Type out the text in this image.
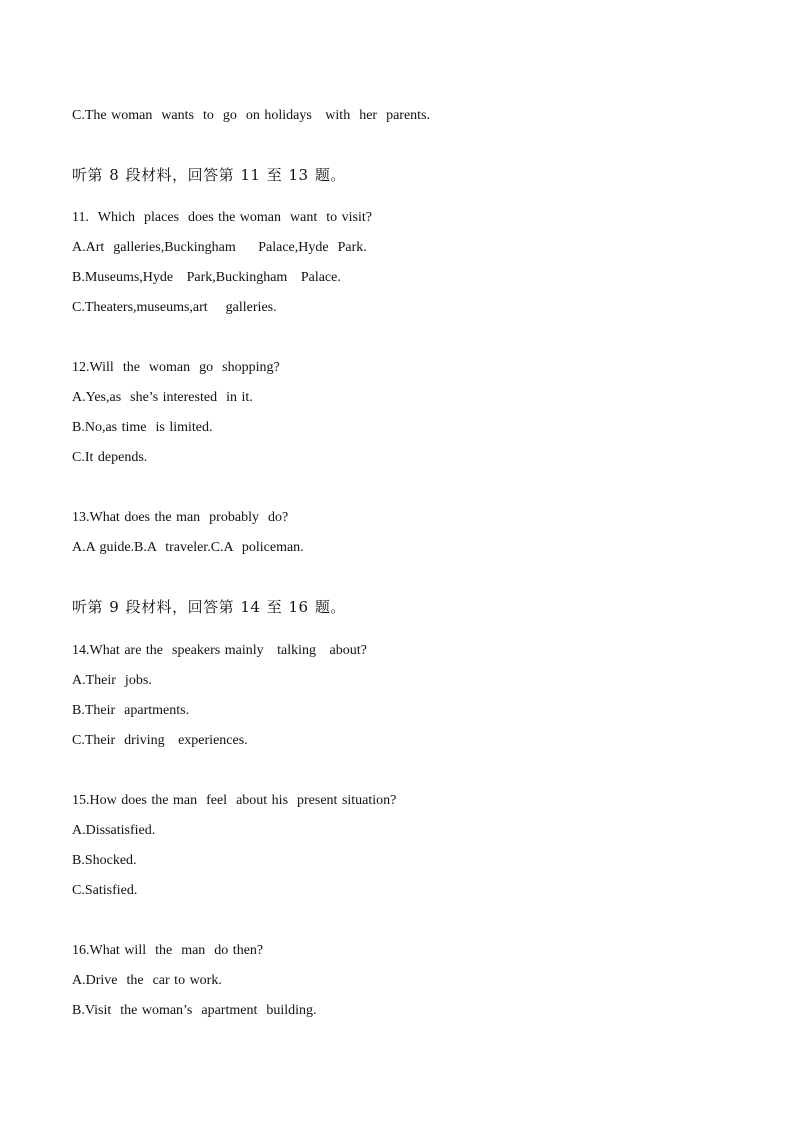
C.The woman  wants  to  go  on holidays   with  her  parents.
听第 8 段材料，回答第 11 至 13 题。
11.  Which  places  does the woman  want  to visit?
A.Art  galleries,Buckingham     Palace,Hyde  Park.
B.Museums,Hyde   Park,Buckingham   Palace.
C.Theaters,museums,art    galleries.
12.Will  the  woman  go  shopping?
A.Yes,as  she’s interested  in it.
B.No,as time  is limited.
C.It depends.
13.What does the man  probably  do?
A.A guide.B.A  traveler.C.A  policeman.
听第 9 段材料，回答第 14 至 16 题。
14.What are the  speakers mainly   talking   about?
A.Their  jobs.
B.Their  apartments.
C.Their  driving   experiences.
15.How does the man  feel  about his  present situation?
A.Dissatisfied.
B.Shocked.
C.Satisfied.
16.What will  the  man  do then?
A.Drive  the  car to work.
B.Visit  the woman’s  apartment  building.
